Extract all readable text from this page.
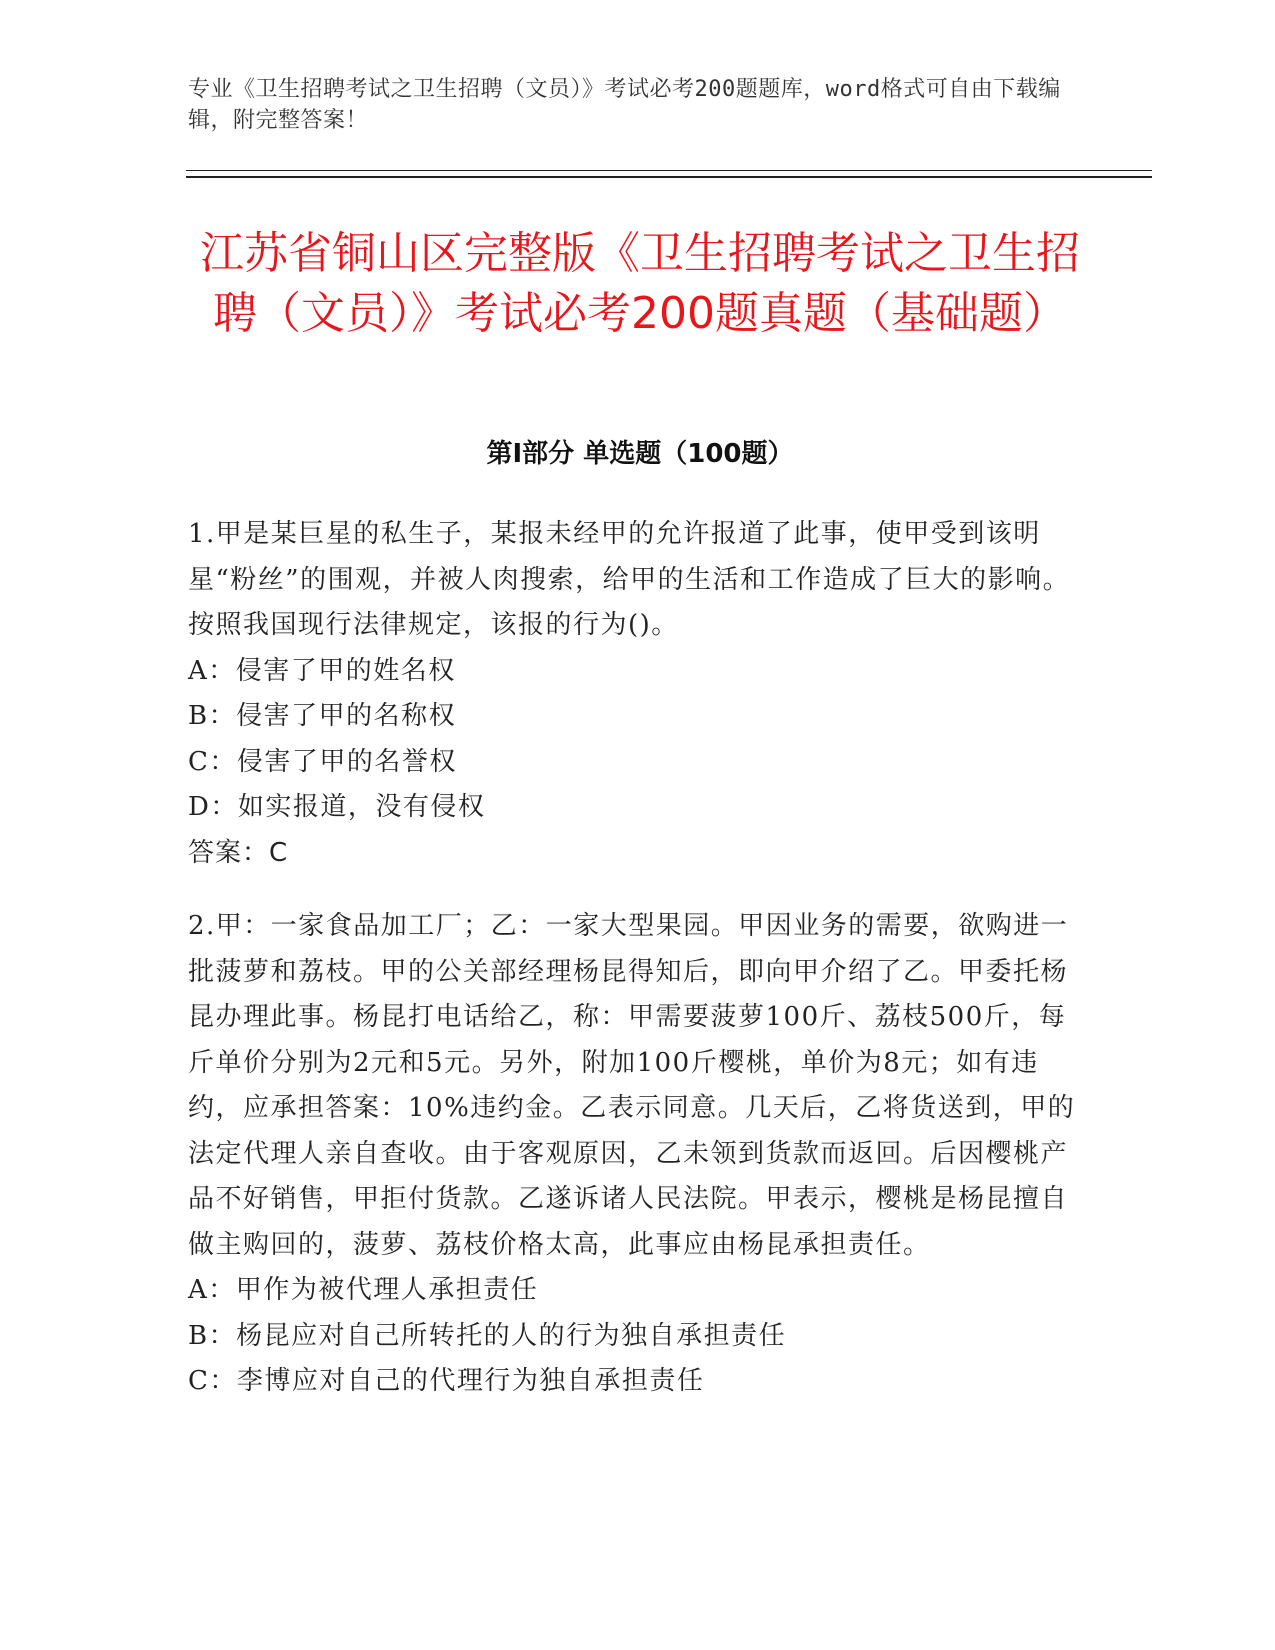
专业《卫生招聘考试之卫生招聘（文员）》考试必考200题题库，word格式可自由下载编辑，附完整答案！
江苏省铜山区完整版《卫生招聘考试之卫生招聘（文员）》考试必考200题真题（基础题）
第I部分 单选题（100题）

1.甲是某巨星的私生子，某报未经甲的允许报道了此事，使甲受到该明星“粉丝”的围观，并被人肉搜索，给甲的生活和工作造成了巨大的影响。按照我国现行法律规定，该报的行为()。

A：侵害了甲的姓名权

B：侵害了甲的名称权

C：侵害了甲的名誉权

D：如实报道，没有侵权

答案：C

2.甲：一家食品加工厂；乙：一家大型果园。甲因业务的需要，欲购进一批菠萝和荔枝。甲的公关部经理杨昆得知后，即向甲介绍了乙。甲委托杨昆办理此事。杨昆打电话给乙，称：甲需要菠萝100斤、荔枝500斤，每斤单价分别为2元和5元。另外，附加100斤樱桃，单价为8元；如有违约，应承担答案：10%违约金。乙表示同意。几天后，乙将货送到，甲的法定代理人亲自查收。由于客观原因，乙未领到货款而返回。后因樱桃产品不好销售，甲拒付货款。乙遂诉诸人民法院。甲表示，樱桃是杨昆擅自做主购回的，菠萝、荔枝价格太高，此事应由杨昆承担责任。

A：甲作为被代理人承担责任

B：杨昆应对自己所转托的人的行为独自承担责任

C：李博应对自己的代理行为独自承担责任
